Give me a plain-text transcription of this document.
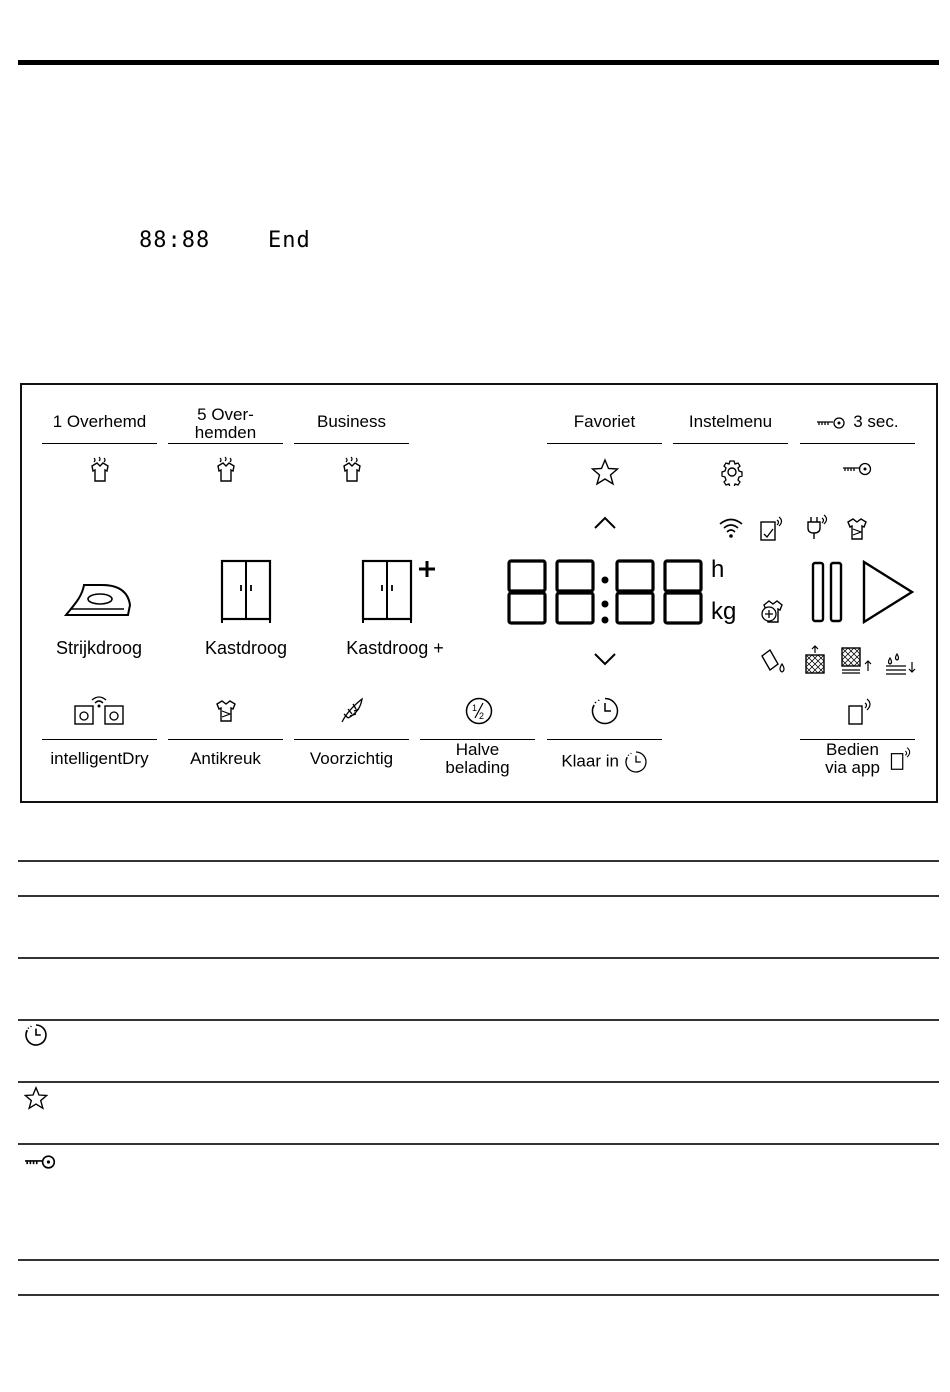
88:88	End
1 Overhemd	5 Over-
hemden
Business	Favoriet	Instelmenu	3 sec.
Strijkdroog	Kastdroog	Kastdroog +
h
kg
1
2
intelligentDry	Antikreuk	Voorzichtig	Halve
belading	Klaar in
Bedien
via app
